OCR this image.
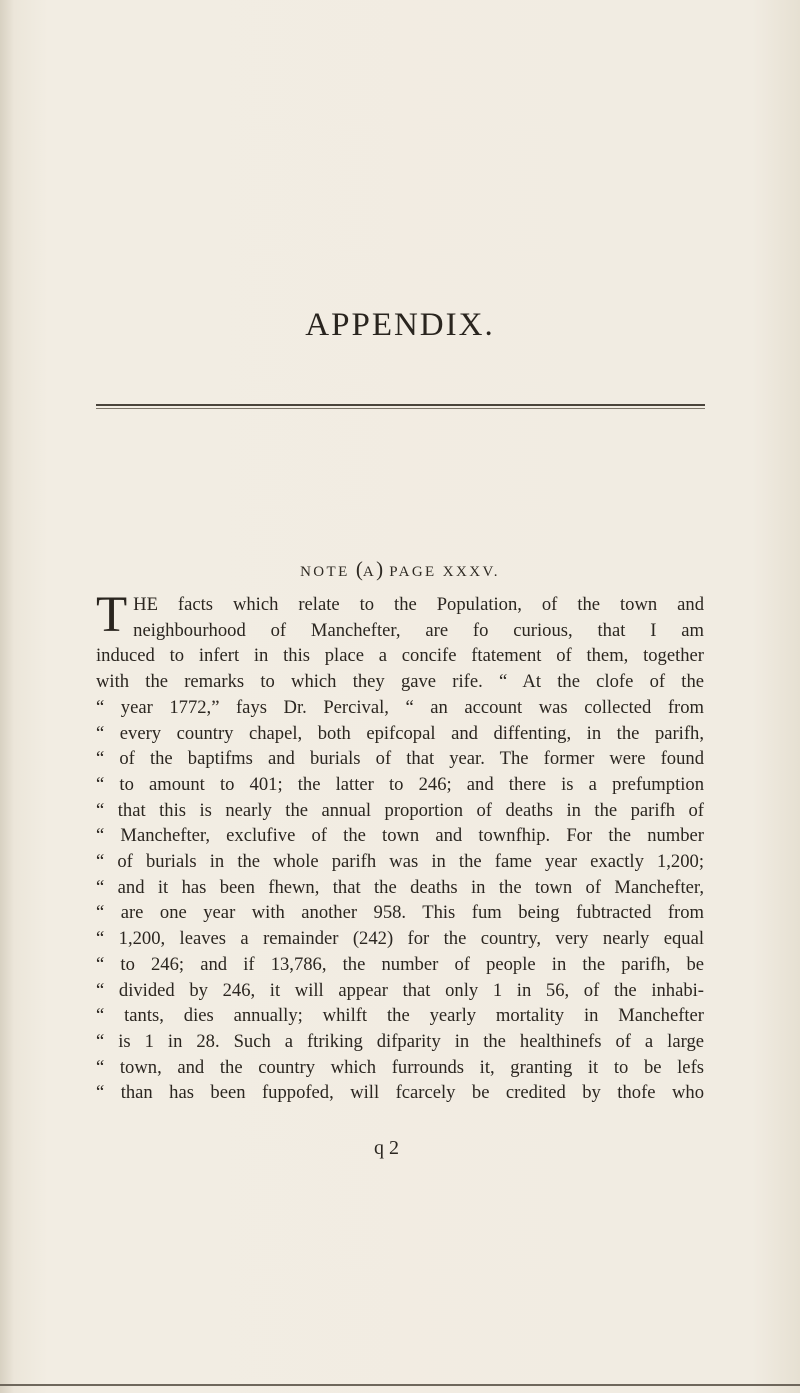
APPENDIX.
NOTE (A) PAGE XXXV.
T HE facts which relate to the Population, of the town and
neighbourhood of Manchefter, are fo curious, that I am
induced to infert in this place a concife ftatement of them, together
with the remarks to which they gave rife. “ At the clofe of the
“ year 1772,” fays Dr. Percival, “ an account was collected from
“ every country chapel, both epifcopal and diffenting, in the parifh,
“ of the baptifms and burials of that year. The former were found
“ to amount to 401; the latter to 246; and there is a prefumption
“ that this is nearly the annual proportion of deaths in the parifh of
“ Manchefter, exclufive of the town and townfhip. For the number
“ of burials in the whole parifh was in the fame year exactly 1,200;
“ and it has been fhewn, that the deaths in the town of Manchefter,
“ are one year with another 958. This fum being fubtracted from
“ 1,200, leaves a remainder (242) for the country, very nearly equal
“ to 246; and if 13,786, the number of people in the parifh, be
“ divided by 246, it will appear that only 1 in 56, of the inhabi-
“ tants, dies annually; whilft the yearly mortality in Manchefter
“ is 1 in 28. Such a ftriking difparity in the healthinefs of a large
“ town, and the country which furrounds it, granting it to be lefs
“ than has been fuppofed, will fcarcely be credited by thofe who
q 2
